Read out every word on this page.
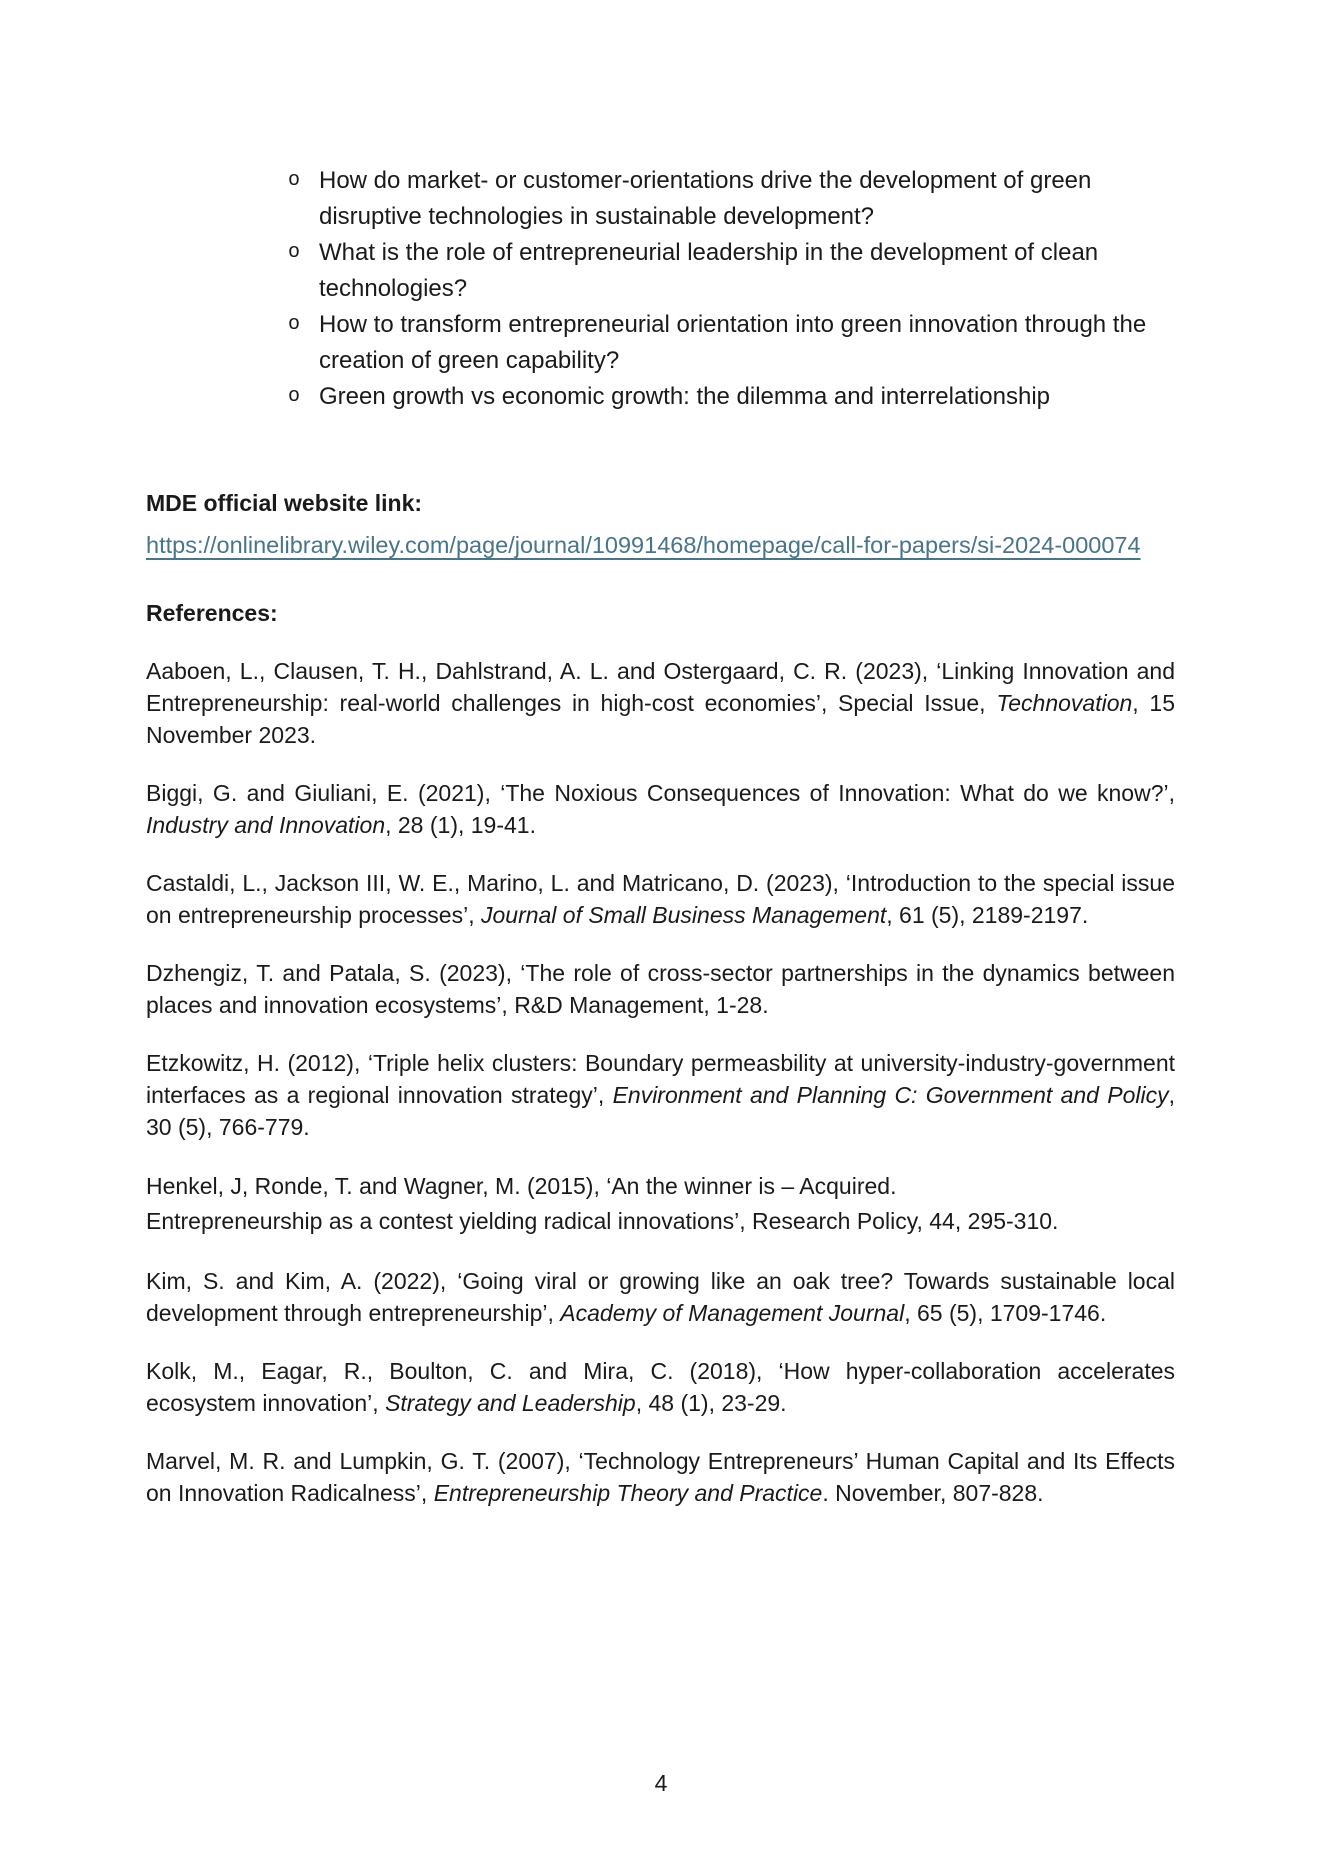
o How do market- or customer-orientations drive the development of green disruptive technologies in sustainable development?
o What is the role of entrepreneurial leadership in the development of clean technologies?
o How to transform entrepreneurial orientation into green innovation through the creation of green capability?
o Green growth vs economic growth: the dilemma and interrelationship
MDE official website link:

https://onlinelibrary.wiley.com/page/journal/10991468/homepage/call-for-papers/si-2024-000074

References:

Aaboen, L., Clausen, T. H., Dahlstrand, A. L. and Ostergaard, C. R. (2023), ‘Linking Innovation and Entrepreneurship: real-world challenges in high-cost economies’, Special Issue, Technovation, 15 November 2023.

Biggi, G. and Giuliani, E. (2021), ‘The Noxious Consequences of Innovation: What do we know?’, Industry and Innovation, 28 (1), 19-41.

Castaldi, L., Jackson III, W. E., Marino, L. and Matricano, D. (2023), ‘Introduction to the special issue on entrepreneurship processes’, Journal of Small Business Management, 61 (5), 2189-2197.

Dzhengiz, T. and Patala, S. (2023), ‘The role of cross-sector partnerships in the dynamics between places and innovation ecosystems’, R&D Management, 1-28.

Etzkowitz, H. (2012), ‘Triple helix clusters: Boundary permeasbility at university-industry-government interfaces as a regional innovation strategy’, Environment and Planning C: Government and Policy, 30 (5), 766-779.

Henkel, J, Ronde, T. and Wagner, M. (2015), ‘An the winner is – Acquired.
Entrepreneurship as a contest yielding radical innovations’, Research Policy, 44, 295-310.

Kim, S. and Kim, A. (2022), ‘Going viral or growing like an oak tree? Towards sustainable local development through entrepreneurship’, Academy of Management Journal, 65 (5), 1709-1746.

Kolk, M., Eagar, R., Boulton, C. and Mira, C. (2018), ‘How hyper-collaboration accelerates ecosystem innovation’, Strategy and Leadership, 48 (1), 23-29.

Marvel, M. R. and Lumpkin, G. T. (2007), ‘Technology Entrepreneurs’ Human Capital and Its Effects on Innovation Radicalness’, Entrepreneurship Theory and Practice. November, 807-828.

4
